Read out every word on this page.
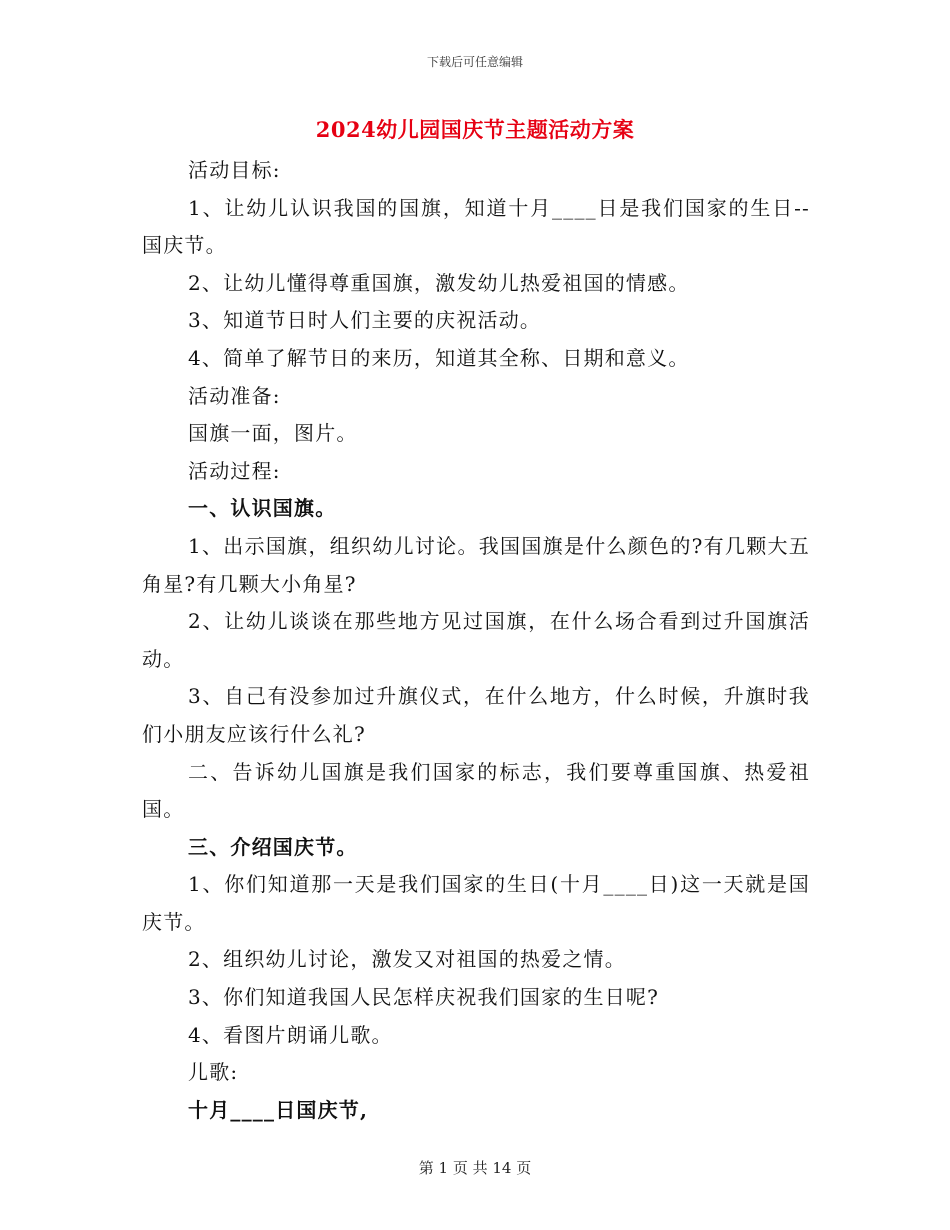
下载后可任意编辑
2024幼儿园国庆节主题活动方案

活动目标:

1、让幼儿认识我国的国旗，知道十月____日是我们国家的生日--国庆节。

2、让幼儿懂得尊重国旗，激发幼儿热爱祖国的情感。

3、知道节日时人们主要的庆祝活动。

4、简单了解节日的来历，知道其全称、日期和意义。

活动准备:

国旗一面，图片。

活动过程:

一、认识国旗。

1、出示国旗，组织幼儿讨论。我国国旗是什么颜色的?有几颗大五角星?有几颗大小角星?

2、让幼儿谈谈在那些地方见过国旗，在什么场合看到过升国旗活动。

3、自己有没参加过升旗仪式，在什么地方，什么时候，升旗时我们小朋友应该行什么礼?

二、告诉幼儿国旗是我们国家的标志，我们要尊重国旗、热爱祖国。

三、介绍国庆节。

1、你们知道那一天是我们国家的生日(十月____日)这一天就是国庆节。

2、组织幼儿讨论，激发又对祖国的热爱之情。

3、你们知道我国人民怎样庆祝我们国家的生日呢?

4、看图片朗诵儿歌。

儿歌:

十月____日国庆节,

第 1 页 共 14 页
